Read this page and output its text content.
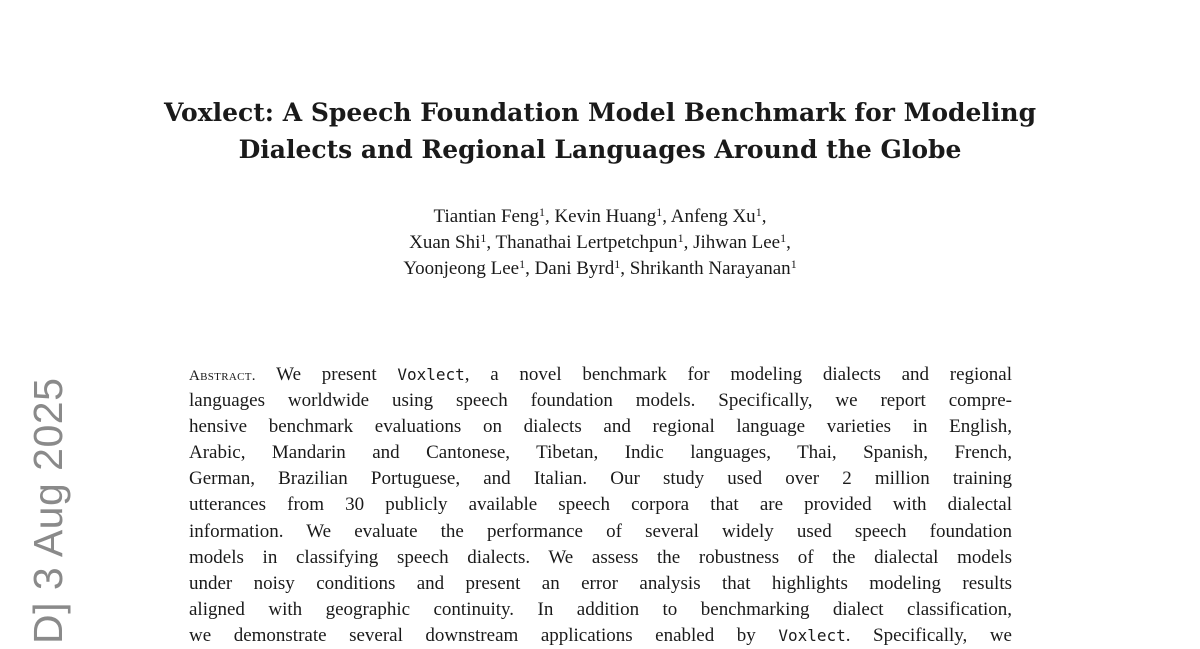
D] 3 Aug 2025
Voxlect: A Speech Foundation Model Benchmark for Modeling
Dialects and Regional Languages Around the Globe
Tiantian Feng$^1$, Kevin Huang$^1$, Anfeng Xu$^1$,
Xuan Shi$^1$, Thanathai Lertpetchpun$^1$, Jihwan Lee$^1$,
Yoonjeong Lee$^1$, Dani Byrd$^1$, Shrikanth Narayanan$^1$
Abstract. We present Voxlect, a novel benchmark for modeling dialects and regional
languages worldwide using speech foundation models. Specifically, we report compre-
hensive benchmark evaluations on dialects and regional language varieties in English,
Arabic, Mandarin and Cantonese, Tibetan, Indic languages, Thai, Spanish, French,
German, Brazilian Portuguese, and Italian. Our study used over 2 million training
utterances from 30 publicly available speech corpora that are provided with dialectal
information. We evaluate the performance of several widely used speech foundation
models in classifying speech dialects. We assess the robustness of the dialectal models
under noisy conditions and present an error analysis that highlights modeling results
aligned with geographic continuity. In addition to benchmarking dialect classification,
we demonstrate several downstream applications enabled by Voxlect. Specifically, we
